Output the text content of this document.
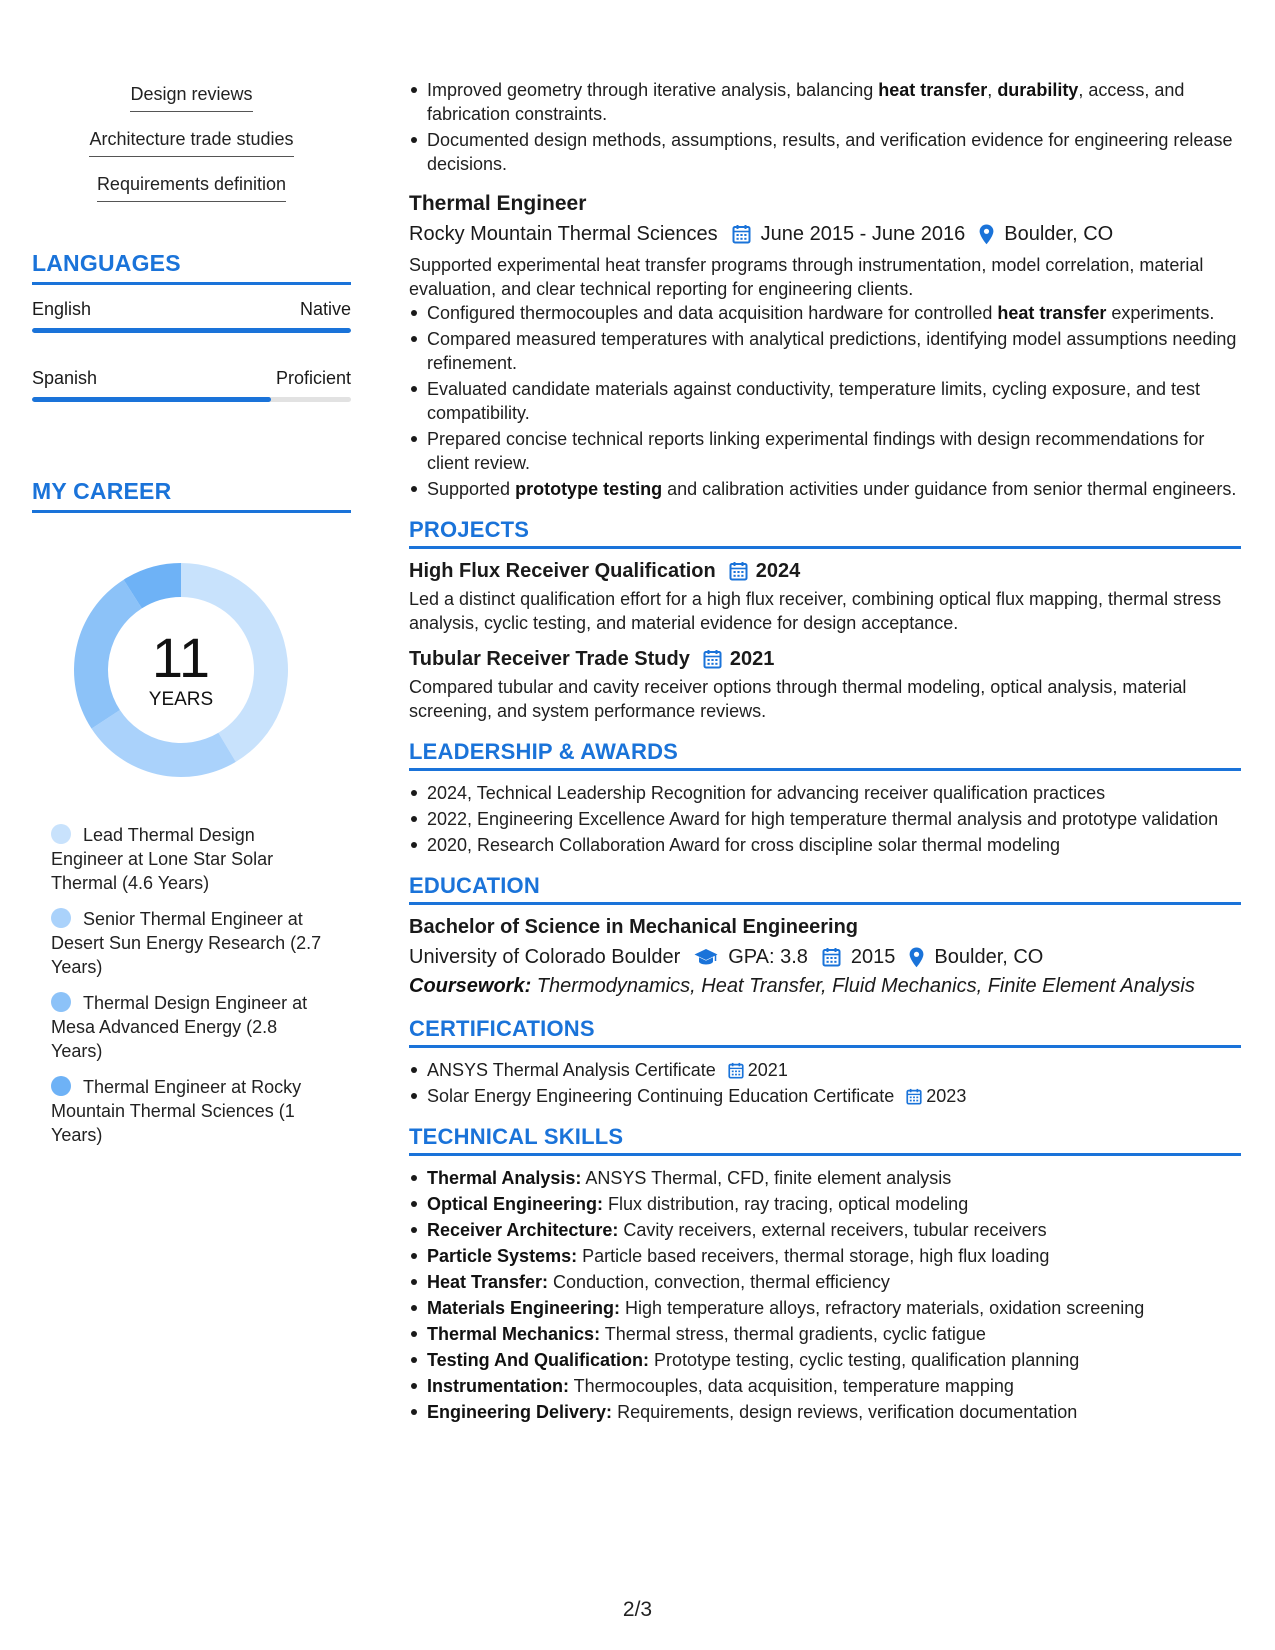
Design reviews
Architecture trade studies
Requirements definition
LANGUAGES
English	Native
Spanish	Proficient
MY CAREER
11
YEARS
Lead Thermal Design Engineer at Lone Star Solar Thermal (4.6 Years)
Senior Thermal Engineer at Desert Sun Energy Research (2.7 Years)
Thermal Design Engineer at Mesa Advanced Energy (2.8 Years)
Thermal Engineer at Rocky Mountain Thermal Sciences (1 Years)
Improved geometry through iterative analysis, balancing heat transfer, durability, access, and fabrication constraints.
Documented design methods, assumptions, results, and verification evidence for engineering release decisions.
Thermal Engineer
Rocky Mountain Thermal Sciences June 2015 - June 2016 Boulder, CO
Supported experimental heat transfer programs through instrumentation, model correlation, material evaluation, and clear technical reporting for engineering clients.
Configured thermocouples and data acquisition hardware for controlled heat transfer experiments.
Compared measured temperatures with analytical predictions, identifying model assumptions needing refinement.
Evaluated candidate materials against conductivity, temperature limits, cycling exposure, and test compatibility.
Prepared concise technical reports linking experimental findings with design recommendations for client review.
Supported prototype testing and calibration activities under guidance from senior thermal engineers.
PROJECTS
High Flux Receiver Qualification 2024
Led a distinct qualification effort for a high flux receiver, combining optical flux mapping, thermal stress analysis, cyclic testing, and material evidence for design acceptance.
Tubular Receiver Trade Study 2021
Compared tubular and cavity receiver options through thermal modeling, optical analysis, material screening, and system performance reviews.
LEADERSHIP & AWARDS
2024, Technical Leadership Recognition for advancing receiver qualification practices
2022, Engineering Excellence Award for high temperature thermal analysis and prototype validation
2020, Research Collaboration Award for cross discipline solar thermal modeling
EDUCATION
Bachelor of Science in Mechanical Engineering
University of Colorado Boulder GPA: 3.8 2015 Boulder, CO
Coursework: Thermodynamics, Heat Transfer, Fluid Mechanics, Finite Element Analysis
CERTIFICATIONS
ANSYS Thermal Analysis Certificate 2021
Solar Energy Engineering Continuing Education Certificate 2023
TECHNICAL SKILLS
Thermal Analysis: ANSYS Thermal, CFD, finite element analysis
Optical Engineering: Flux distribution, ray tracing, optical modeling
Receiver Architecture: Cavity receivers, external receivers, tubular receivers
Particle Systems: Particle based receivers, thermal storage, high flux loading
Heat Transfer: Conduction, convection, thermal efficiency
Materials Engineering: High temperature alloys, refractory materials, oxidation screening
Thermal Mechanics: Thermal stress, thermal gradients, cyclic fatigue
Testing And Qualification: Prototype testing, cyclic testing, qualification planning
Instrumentation: Thermocouples, data acquisition, temperature mapping
Engineering Delivery: Requirements, design reviews, verification documentation
2/3
